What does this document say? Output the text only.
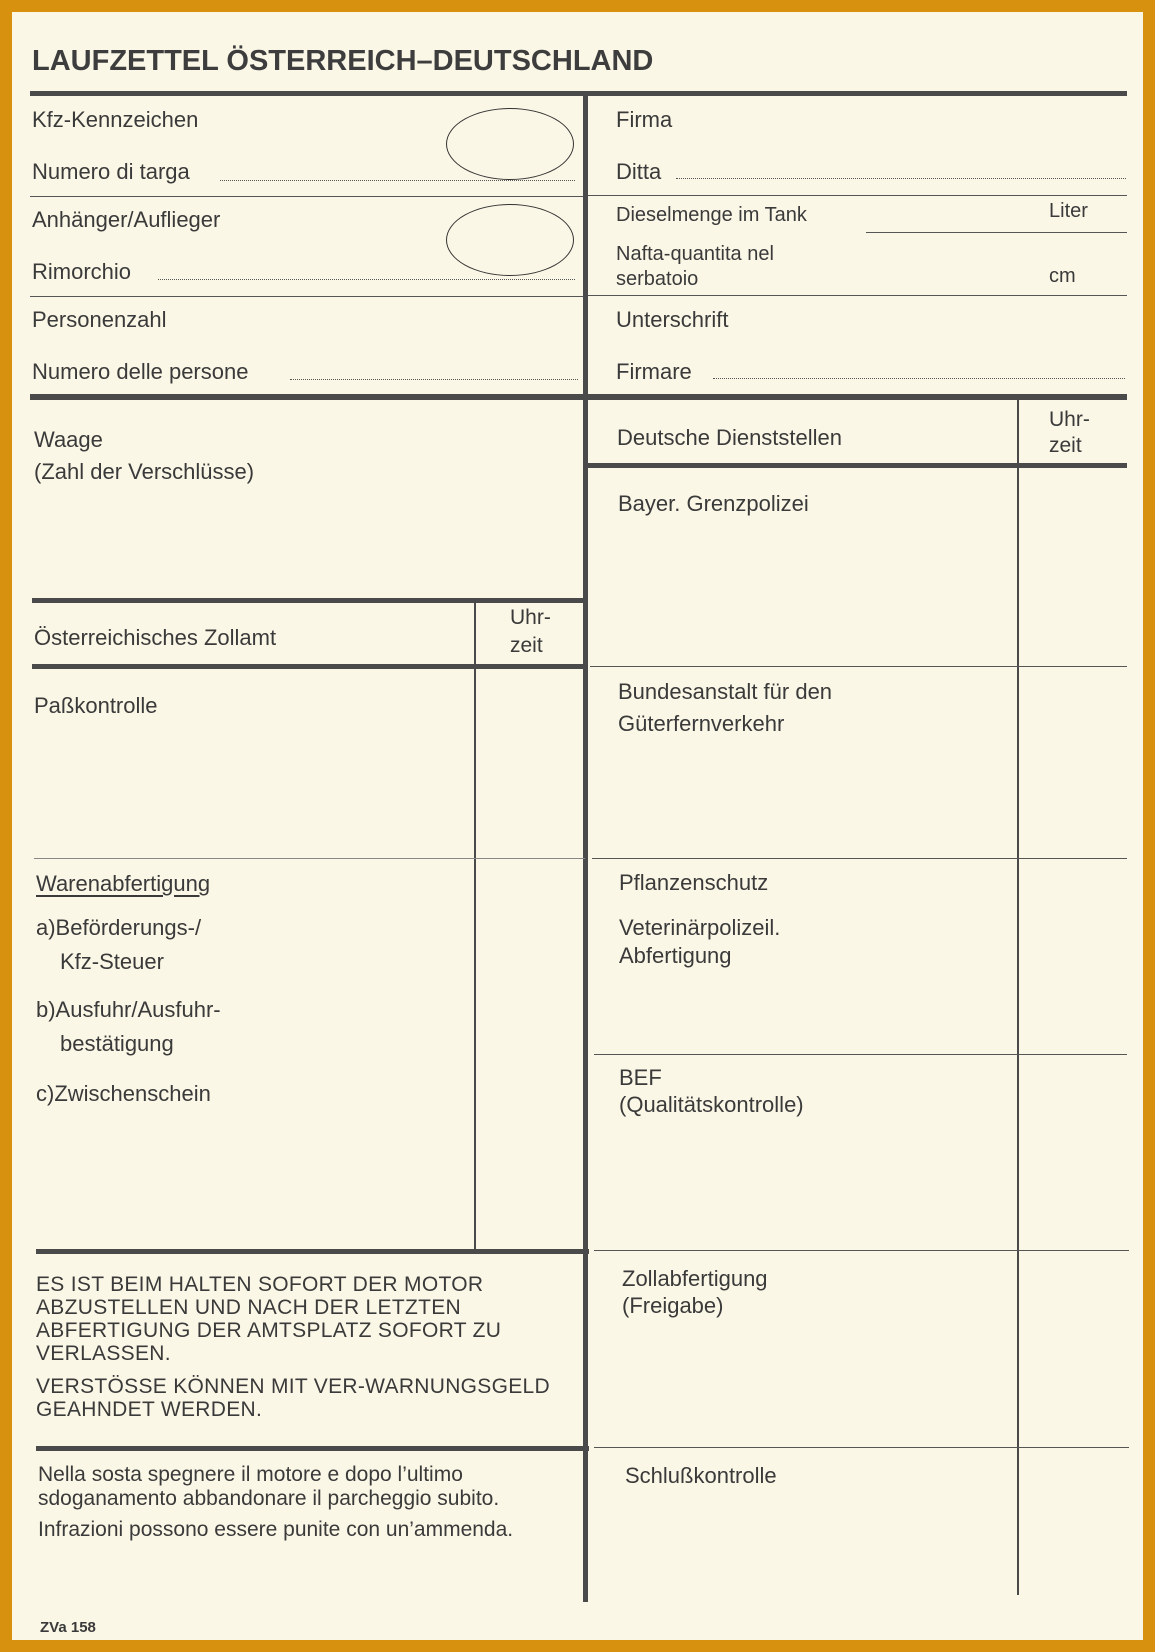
LAUFZETTEL ÖSTERREICH–DEUTSCHLAND
Kfz-Kennzeichen
Numero di targa
Anhänger/Auflieger
Rimorchio
Personenzahl
Numero delle persone
Firma
Ditta
Dieselmenge im Tank	Liter
Nafta-quantita nel
serbatoio	cm
Unterschrift
Firmare
Waage
(Zahl der Verschlüsse)
Österreichisches Zollamt
Uhr-
zeit
Paßkontrolle
Warenabfertigung
a)Beförderungs-/
Kfz-Steuer
b)Ausfuhr/Ausfuhr-
bestätigung
c)Zwischenschein
ES IST BEIM HALTEN SOFORT DER MOTOR ABZUSTELLEN UND NACH DER LETZTEN ABFERTIGUNG DER AMTSPLATZ SOFORT ZU VERLASSEN.
VERSTÖSSE KÖNNEN MIT VER-WARNUNGSGELD GEAHNDET WERDEN.
Nella sosta spegnere il motore e dopo l’ultimo sdoganamento abbandonare il parcheggio subito.
Infrazioni possono essere punite con un’ammenda.
Deutsche Dienststellen
Uhr-
zeit
Bayer. Grenzpolizei
Bundesanstalt für den
Güterfernverkehr
Pflanzenschutz
Veterinärpolizeil.
Abfertigung
BEF
(Qualitätskontrolle)
Zollabfertigung
(Freigabe)
Schlußkontrolle
ZVa 158
